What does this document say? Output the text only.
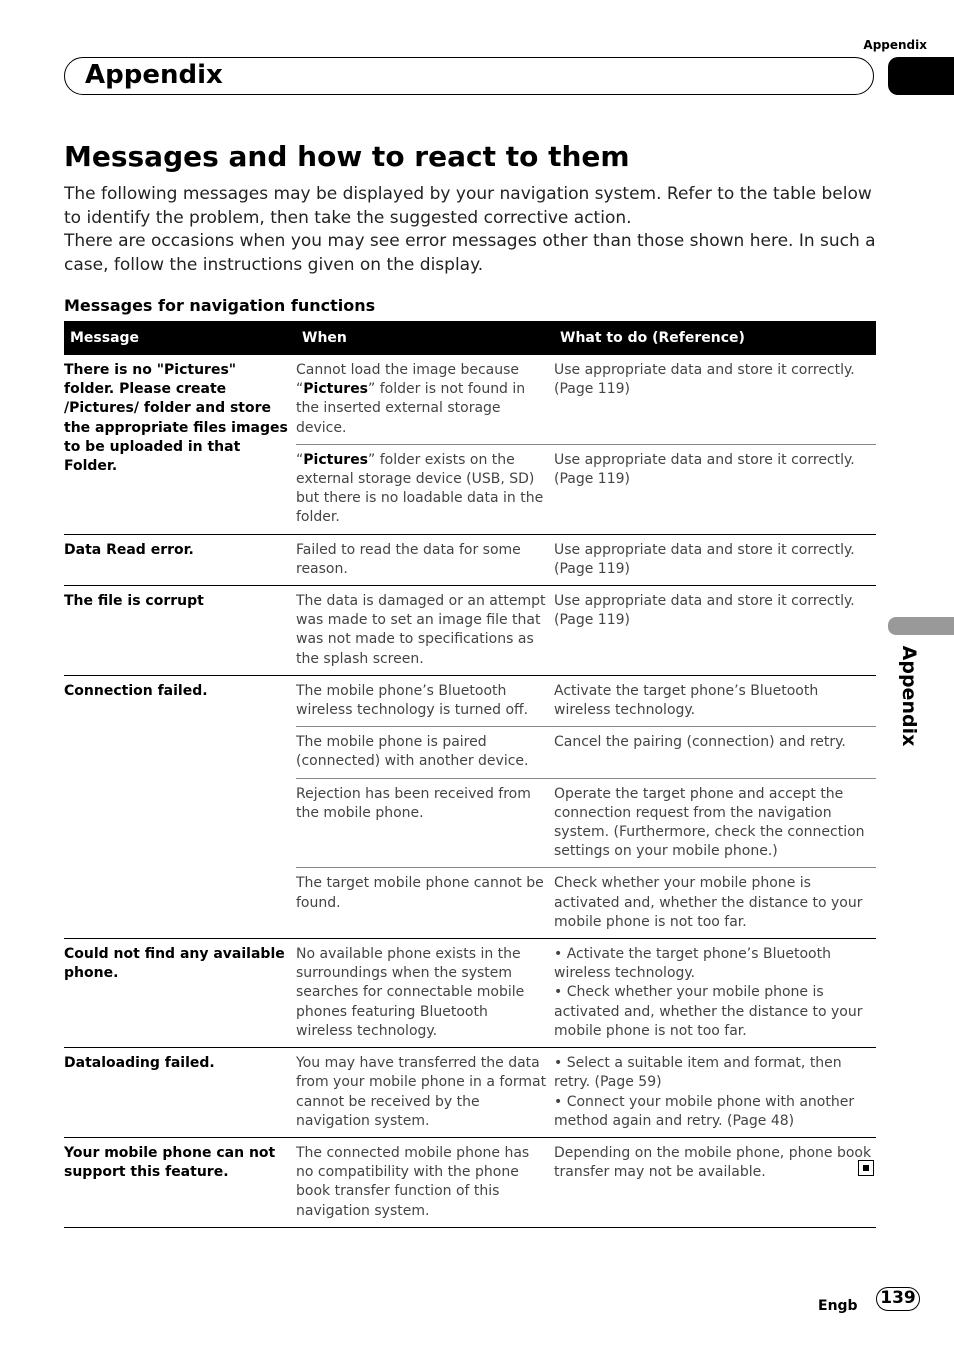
Appendix
Appendix
Appendix
Messages and how to react to them

The following messages may be displayed by your navigation system. Refer to the table below to identify the problem, then take the suggested corrective action.

There are occasions when you may see error messages other than those shown here. In such a case, follow the instructions given on the display.

Messages for navigation functions
Message	When	What to do (Reference)
There is no "Pictures" folder. Please create /Pictures/ folder and store the appropriate files images to be uploaded in that Folder.	Cannot load the image because “Pictures” folder is not found in the inserted external storage device.	Use appropriate data and store it correctly. (Page 119)
	“Pictures” folder exists on the external storage device (USB, SD) but there is no loadable data in the folder.	Use appropriate data and store it correctly. (Page 119)
Data Read error.	Failed to read the data for some reason.	Use appropriate data and store it correctly. (Page 119)
The file is corrupt	The data is damaged or an attempt was made to set an image file that was not made to specifications as the splash screen.	Use appropriate data and store it correctly. (Page 119)
Connection failed.	The mobile phone’s Bluetooth wireless technology is turned off.	Activate the target phone’s Bluetooth wireless technology.
	The mobile phone is paired (connected) with another device.	Cancel the pairing (connection) and retry.
	Rejection has been received from the mobile phone.	Operate the target phone and accept the connection request from the navigation system. (Furthermore, check the connection settings on your mobile phone.)
	The target mobile phone cannot be found.	Check whether your mobile phone is activated and, whether the distance to your mobile phone is not too far.
Could not find any available phone.	No available phone exists in the surroundings when the system searches for connectable mobile phones featuring Bluetooth wireless technology.	• Activate the target phone’s Bluetooth wireless technology.
• Check whether your mobile phone is activated and, whether the distance to your mobile phone is not too far.
Dataloading failed.	You may have transferred the data from your mobile phone in a format cannot be received by the navigation system.	• Select a suitable item and format, then retry. (Page 59)
• Connect your mobile phone with another method again and retry. (Page 48)
Your mobile phone can not support this feature.	The connected mobile phone has no compatibility with the phone book transfer function of this navigation system.	Depending on the mobile phone, phone book transfer may not be available.
Engb 139
